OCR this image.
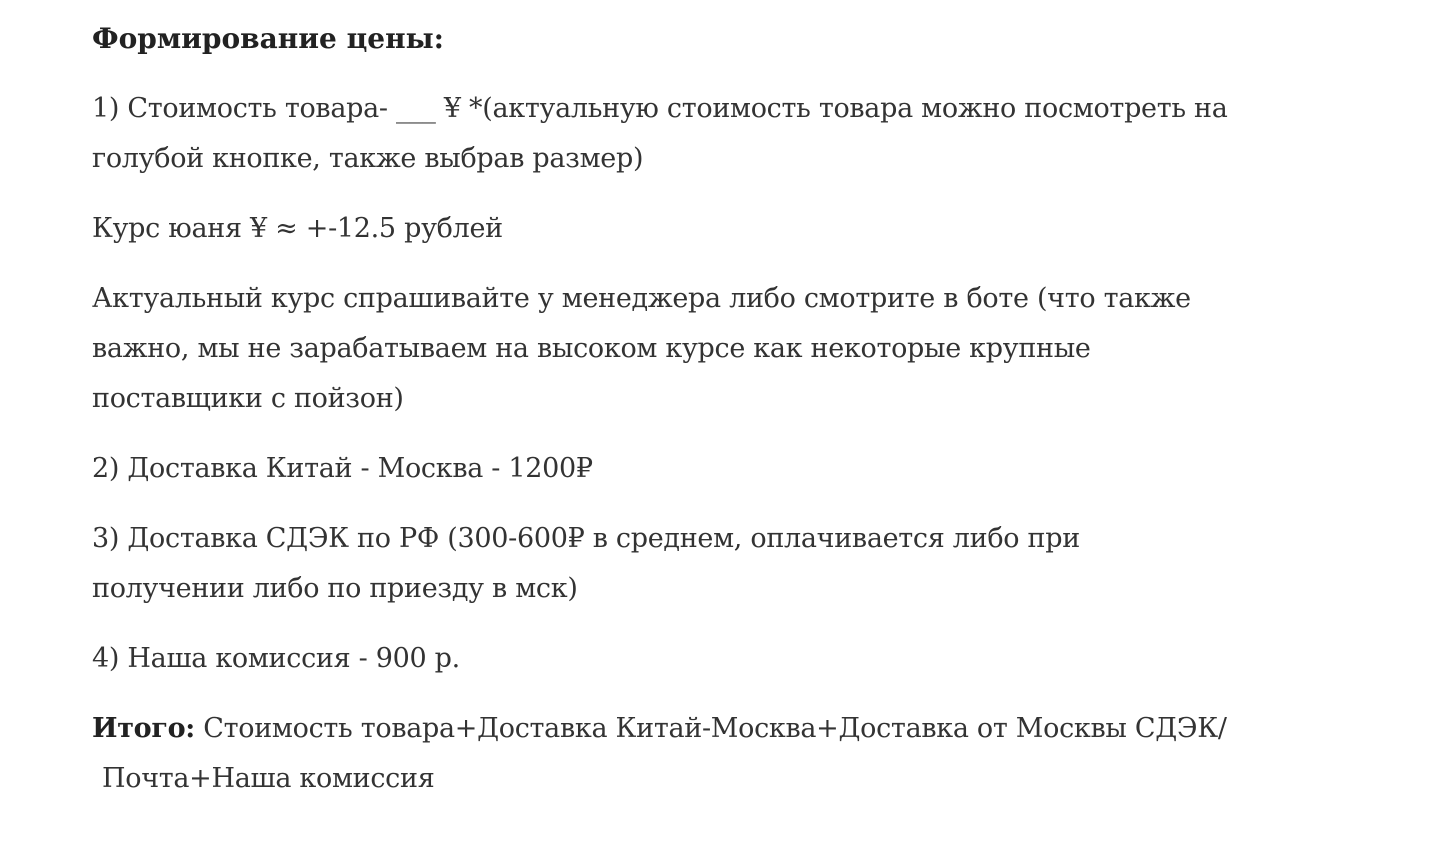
Формирование цены:

1) Стоимость товара- ___ ¥ *(актуальную стоимость товара можно посмотреть на голубой кнопке, также выбрав размер)

Курс юаня ¥ ≈ +-12.5 рублей

Актуальный курс спрашивайте у менеджера либо смотрите в боте (что также важно, мы не зарабатываем на высоком курсе как некоторые крупные поставщики с пойзон)

2) Доставка Китай - Москва - 1200₽

3) Доставка СДЭК по РФ (300-600₽ в среднем, оплачивается либо при получении либо по приезду в мск)

4) Наша комиссия - 900 р.

Итого: Стоимость товара+Доставка Китай-Москва+Доставка от Москвы СДЭК/Почта+Наша комиссия
